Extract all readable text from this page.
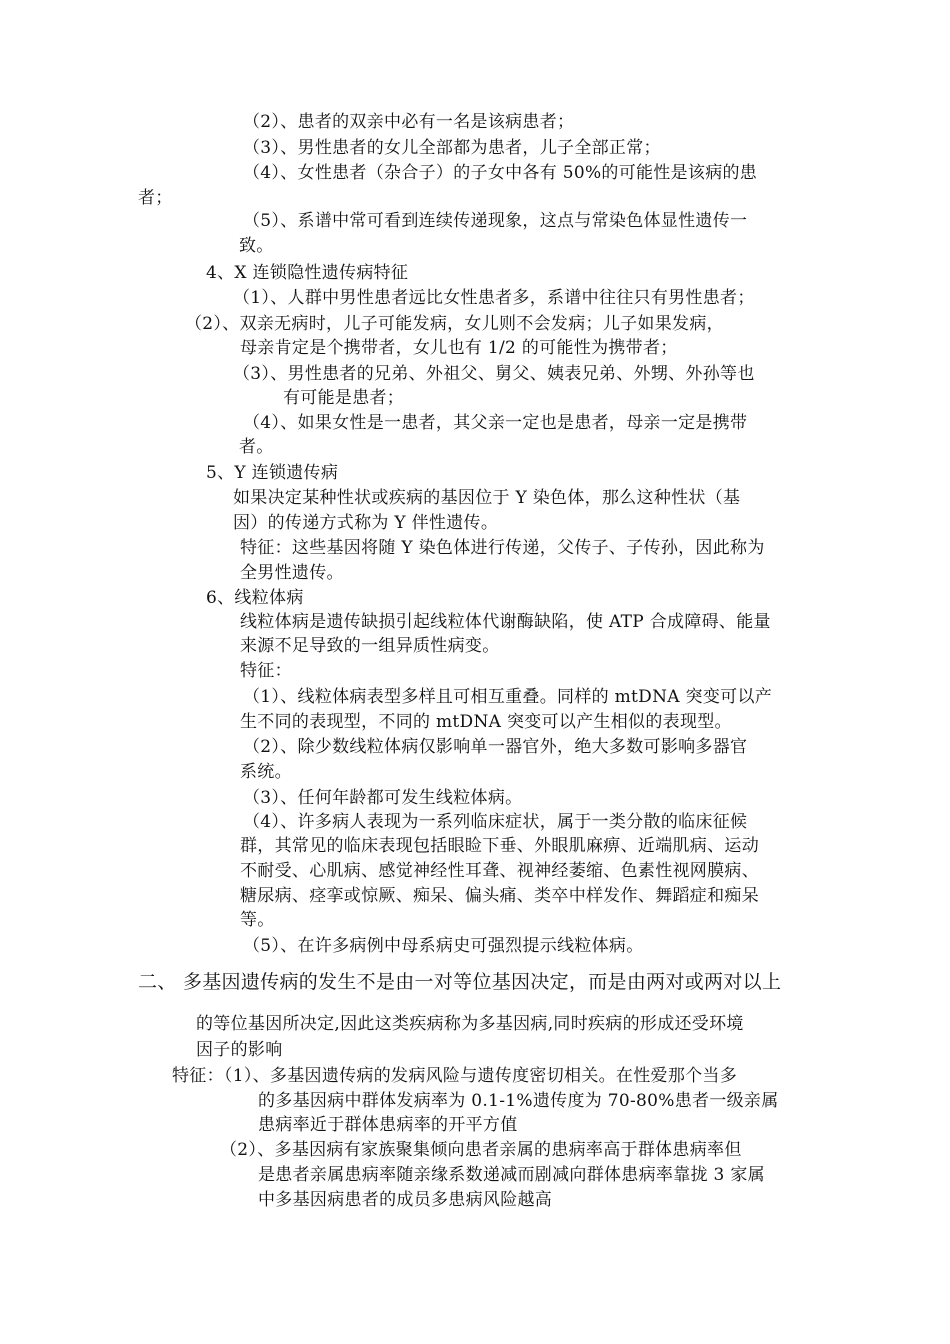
（2）、患者的双亲中必有一名是该病患者；
（3）、男性患者的女儿全部都为患者，儿子全部正常；
（4）、女性患者（杂合子）的子女中各有 50%的可能性是该病的患
者；
（5）、系谱中常可看到连续传递现象，这点与常染色体显性遗传一
致。
4、X 连锁隐性遗传病特征
（1）、人群中男性患者远比女性患者多，系谱中往往只有男性患者；
（2）、双亲无病时，儿子可能发病，女儿则不会发病；儿子如果发病，
母亲肯定是个携带者，女儿也有 1/2 的可能性为携带者；
（3）、男性患者的兄弟、外祖父、舅父、姨表兄弟、外甥、外孙等也
有可能是患者；
（4）、如果女性是一患者，其父亲一定也是患者，母亲一定是携带
者。
5、Y 连锁遗传病
如果决定某种性状或疾病的基因位于 Y 染色体，那么这种性状（基
因）的传递方式称为 Y 伴性遗传。
特征：这些基因将随 Y 染色体进行传递，父传子、子传孙，因此称为
全男性遗传。
6、线粒体病
线粒体病是遗传缺损引起线粒体代谢酶缺陷，使 ATP 合成障碍、能量
来源不足导致的一组异质性病变。
特征：
（1）、线粒体病表型多样且可相互重叠。同样的 mtDNA 突变可以产
生不同的表现型，不同的 mtDNA 突变可以产生相似的表现型。
（2）、除少数线粒体病仅影响单一器官外，绝大多数可影响多器官
系统。
（3）、任何年龄都可发生线粒体病。
（4）、许多病人表现为一系列临床症状，属于一类分散的临床征候
群，其常见的临床表现包括眼睑下垂、外眼肌麻痹、近端肌病、运动
不耐受、心肌病、感觉神经性耳聋、视神经萎缩、色素性视网膜病、
糖尿病、痉挛或惊厥、痴呆、偏头痛、类卒中样发作、舞蹈症和痴呆
等。
（5）、在许多病例中母系病史可强烈提示线粒体病。
二、 多基因遗传病的发生不是由一对等位基因决定，而是由两对或两对以上
的等位基因所决定,因此这类疾病称为多基因病,同时疾病的形成还受环境
因子的影响
特征：（1）、多基因遗传病的发病风险与遗传度密切相关。在性爱那个当多
的多基因病中群体发病率为 0.1-1%遗传度为 70-80%患者一级亲属
患病率近于群体患病率的开平方值
（2）、多基因病有家族聚集倾向患者亲属的患病率高于群体患病率但
是患者亲属患病率随亲缘系数递减而剧减向群体患病率靠拢 3 家属
中多基因病患者的成员多患病风险越高
